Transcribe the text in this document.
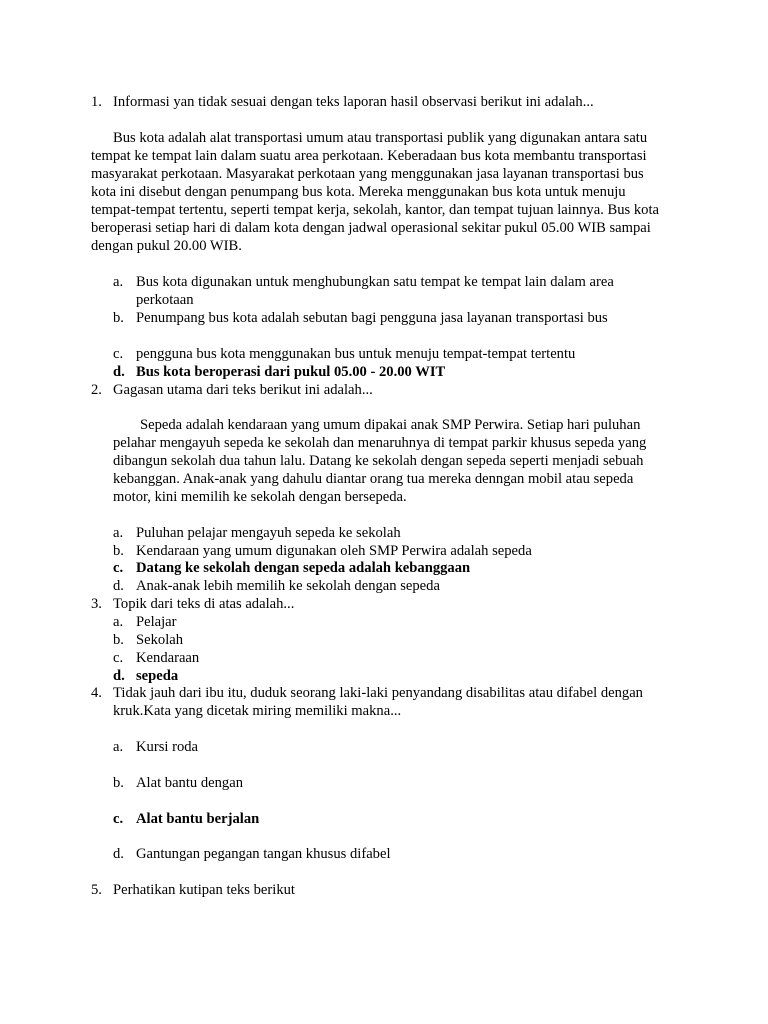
1. Informasi yan tidak sesuai dengan teks laporan hasil observasi berikut ini adalah...
Bus kota adalah alat transportasi umum atau transportasi publik yang digunakan antara satu
tempat ke tempat lain dalam suatu area perkotaan. Keberadaan bus kota membantu transportasi
masyarakat perkotaan. Masyarakat perkotaan yang menggunakan jasa layanan transportasi bus
kota ini disebut dengan penumpang bus kota. Mereka menggunakan bus kota untuk menuju
tempat-tempat tertentu, seperti tempat kerja, sekolah, kantor, dan tempat tujuan lainnya. Bus kota
beroperasi setiap hari di dalam kota dengan jadwal operasional sekitar pukul 05.00 WIB sampai
dengan pukul 20.00 WIB.
a. Bus kota digunakan untuk menghubungkan satu tempat ke tempat lain dalam area
perkotaan
b. Penumpang bus kota adalah sebutan bagi pengguna jasa layanan transportasi bus
c. pengguna bus kota menggunakan bus untuk menuju tempat-tempat tertentu
d. Bus kota beroperasi dari pukul 05.00 - 20.00 WIT
2. Gagasan utama dari teks berikut ini adalah...
Sepeda adalah kendaraan yang umum dipakai anak SMP Perwira. Setiap hari puluhan
pelahar mengayuh sepeda ke sekolah dan menaruhnya di tempat parkir khusus sepeda yang
dibangun sekolah dua tahun lalu. Datang ke sekolah dengan sepeda seperti menjadi sebuah
kebanggan. Anak-anak yang dahulu diantar orang tua mereka denngan mobil atau sepeda
motor, kini memilih ke sekolah dengan bersepeda.
a. Puluhan pelajar mengayuh sepeda ke sekolah
b. Kendaraan yang umum digunakan oleh SMP Perwira adalah sepeda
c. Datang ke sekolah dengan sepeda adalah kebanggaan
d. Anak-anak lebih memilih ke sekolah dengan sepeda
3. Topik dari teks di atas adalah...
a. Pelajar
b. Sekolah
c. Kendaraan
d. sepeda
4. Tidak jauh dari ibu itu, duduk seorang laki-laki penyandang disabilitas atau difabel dengan
kruk.Kata yang dicetak miring memiliki makna...
a. Kursi roda
b. Alat bantu dengan
c. Alat bantu berjalan
d. Gantungan pegangan tangan khusus difabel
5. Perhatikan kutipan teks berikut
